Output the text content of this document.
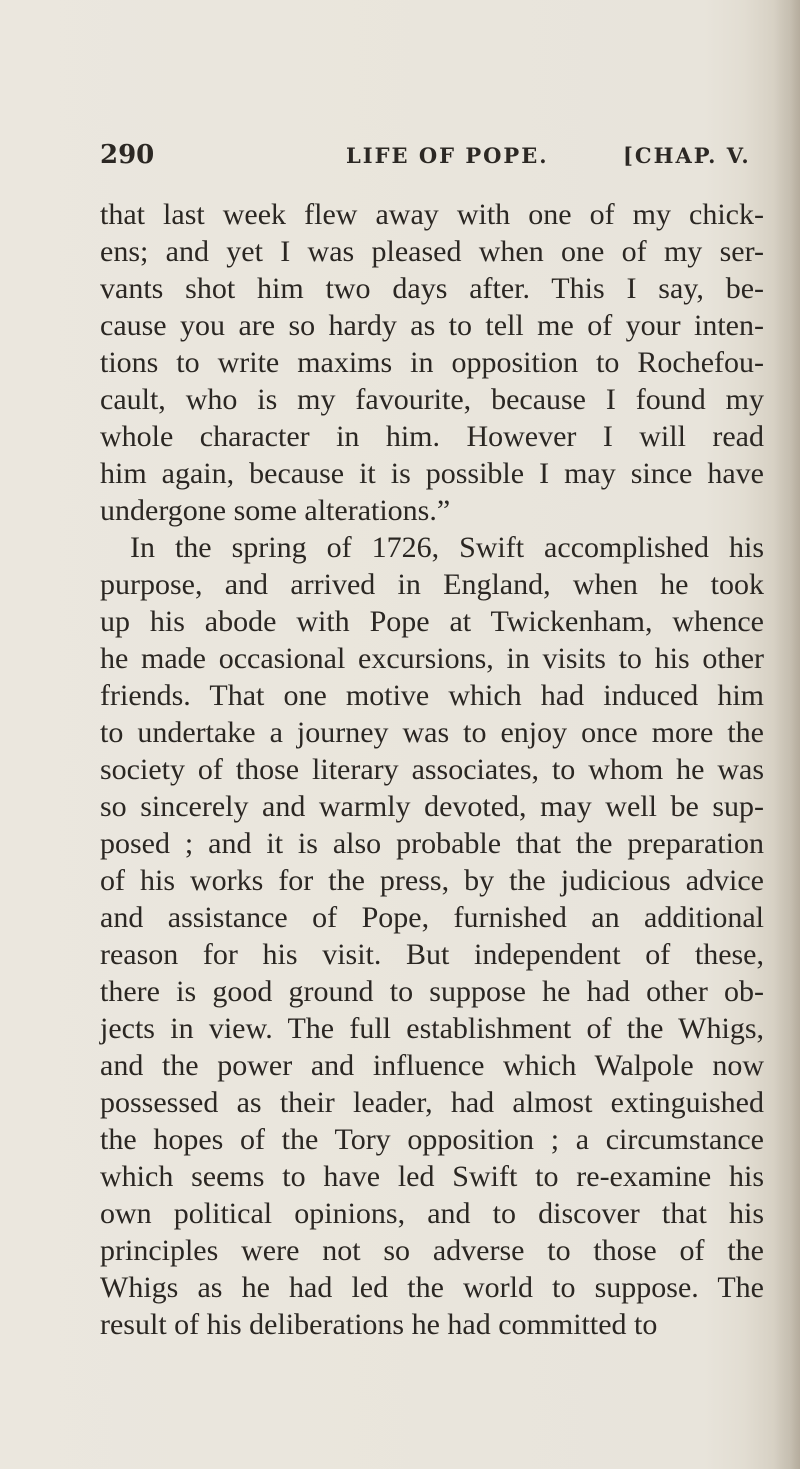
290	LIFE OF POPE.	[CHAP. V.
that last week flew away with one of my chick-
ens; and yet I was pleased when one of my ser-
vants shot him two days after. This I say, be-
cause you are so hardy as to tell me of your inten-
tions to write maxims in opposition to Rochefou-
cault, who is my favourite, because I found my
whole character in him. However I will read
him again, because it is possible I may since have
undergone some alterations.”
In the spring of 1726, Swift accomplished his
purpose, and arrived in England, when he took
up his abode with Pope at Twickenham, whence
he made occasional excursions, in visits to his other
friends. That one motive which had induced him
to undertake a journey was to enjoy once more the
society of those literary associates, to whom he was
so sincerely and warmly devoted, may well be sup-
posed ; and it is also probable that the preparation
of his works for the press, by the judicious advice
and assistance of Pope, furnished an additional
reason for his visit. But independent of these,
there is good ground to suppose he had other ob-
jects in view. The full establishment of the Whigs,
and the power and influence which Walpole now
possessed as their leader, had almost extinguished
the hopes of the Tory opposition ; a circumstance
which seems to have led Swift to re-examine his
own political opinions, and to discover that his
principles were not so adverse to those of the
Whigs as he had led the world to suppose. The
result of his deliberations he had committed to
